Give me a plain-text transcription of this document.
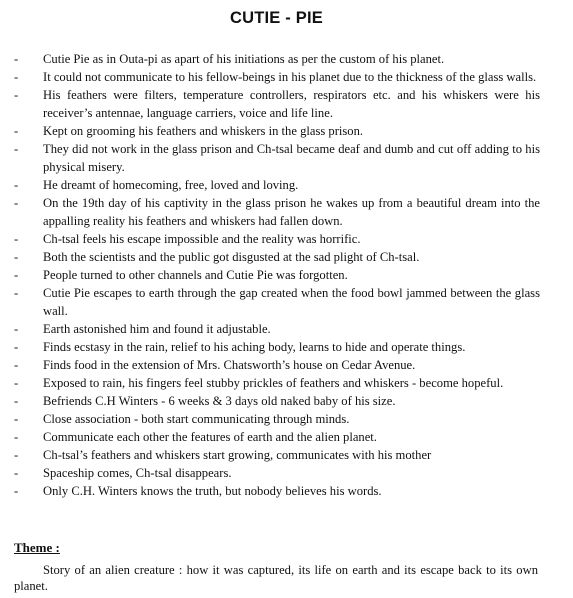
CUTIE - PIE
- Cutie Pie as in Outa-pi as apart of his initiations as per the custom of his planet.
- It could not communicate to his fellow-beings in his planet due to the thickness of the glass walls.
- His feathers were filters, temperature controllers, respirators etc. and his whiskers were his receiver’s antennae, language carriers, voice and life line.
- Kept on grooming his feathers and whiskers in the glass prison.
- They did not work in the glass prison and Ch-tsal became deaf and dumb and cut off adding to his physical misery.
- He dreamt of homecoming, free, loved and loving.
- On the 19th day of his captivity in the glass prison he wakes up from a beautiful dream into the appalling reality his feathers and whiskers had fallen down.
- Ch-tsal feels his escape impossible and the reality was horrific.
- Both the scientists and the public got disgusted at the sad plight of Ch-tsal.
- People turned to other channels and Cutie Pie was forgotten.
- Cutie Pie escapes to earth through the gap created when the food bowl jammed between the glass wall.
- Earth astonished him and found it adjustable.
- Finds ecstasy in the rain, relief to his aching body, learns to hide and operate things.
- Finds food in the extension of Mrs. Chatsworth’s house on Cedar Avenue.
- Exposed to rain, his fingers feel stubby prickles of feathers and whiskers - become hopeful.
- Befriends C.H Winters - 6 weeks & 3 days old naked baby of his size.
- Close association - both start communicating through minds.
- Communicate each other the features of earth and the alien planet.
- Ch-tsal’s feathers and whiskers start growing, communicates with his mother
- Spaceship comes, Ch-tsal disappears.
- Only C.H. Winters knows the truth, but nobody believes his words.
Theme :

Story of an alien creature : how it was captured, its life on earth and its escape back to its own planet.
